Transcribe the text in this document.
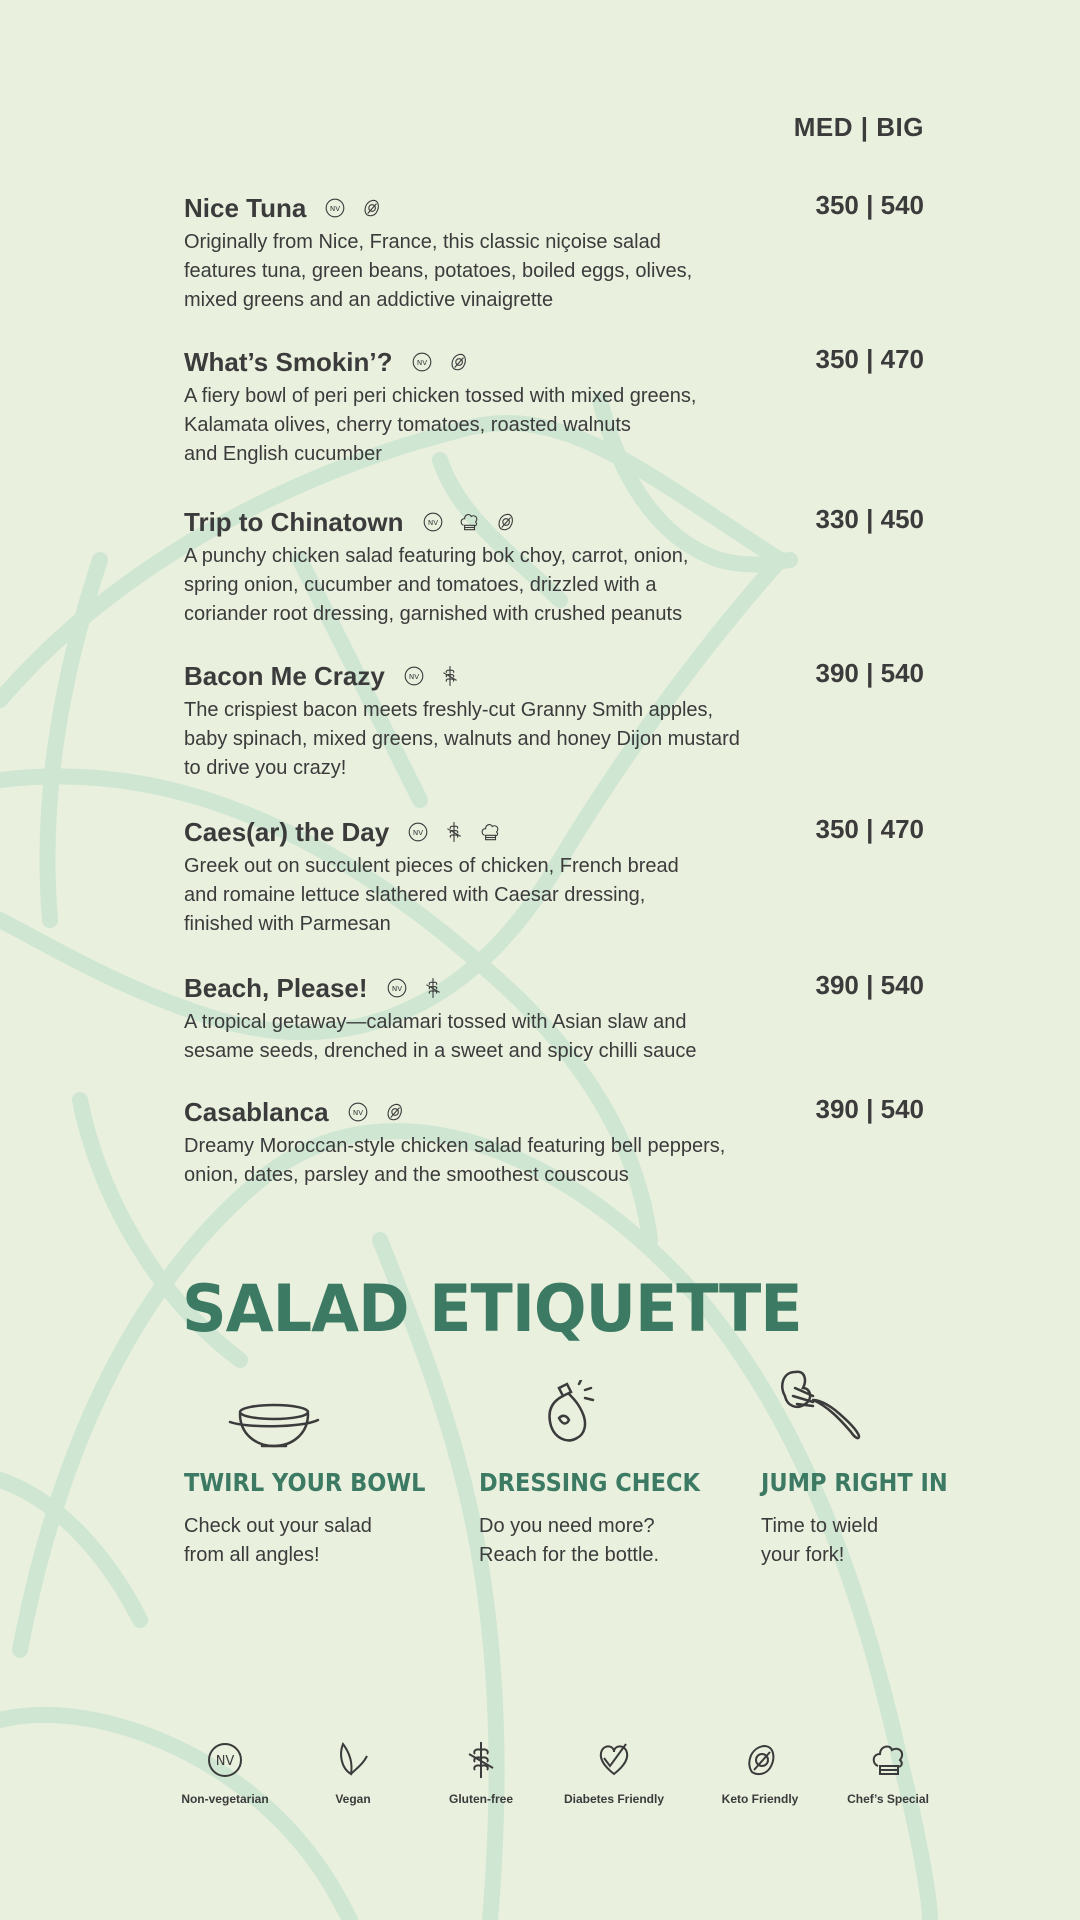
MED | BIG
Nice Tuna NV
Originally from Nice, France, this classic niçoise salad
features tuna, green beans, potatoes, boiled eggs, olives,
mixed greens and an addictive vinaigrette
350 | 540
What’s Smokin’? NV
A fiery bowl of peri peri chicken tossed with mixed greens,
Kalamata olives, cherry tomatoes, roasted walnuts
and English cucumber
350 | 470
Trip to Chinatown NV
A punchy chicken salad featuring bok choy, carrot, onion,
spring onion, cucumber and tomatoes, drizzled with a
coriander root dressing, garnished with crushed peanuts
330 | 450
Bacon Me Crazy NV
The crispiest bacon meets freshly-cut Granny Smith apples,
baby spinach, mixed greens, walnuts and honey Dijon mustard
to drive you crazy!
390 | 540
Caes(ar) the Day NV
Greek out on succulent pieces of chicken, French bread
and romaine lettuce slathered with Caesar dressing,
finished with Parmesan
350 | 470
Beach, Please! NV
A tropical getaway—calamari tossed with Asian slaw and
sesame seeds, drenched in a sweet and spicy chilli sauce
390 | 540
Casablanca NV
Dreamy Moroccan-style chicken salad featuring bell peppers,
onion, dates, parsley and the smoothest couscous
390 | 540
SALAD ETIQUETTE
TWIRL YOUR BOWL
Check out your salad
from all angles!
DRESSING CHECK
Do you need more?
Reach for the bottle.
JUMP RIGHT IN
Time to wield
your fork!
NV
Non-vegetarian	Vegan	Gluten-free	Diabetes Friendly	Keto Friendly	Chef’s Special
